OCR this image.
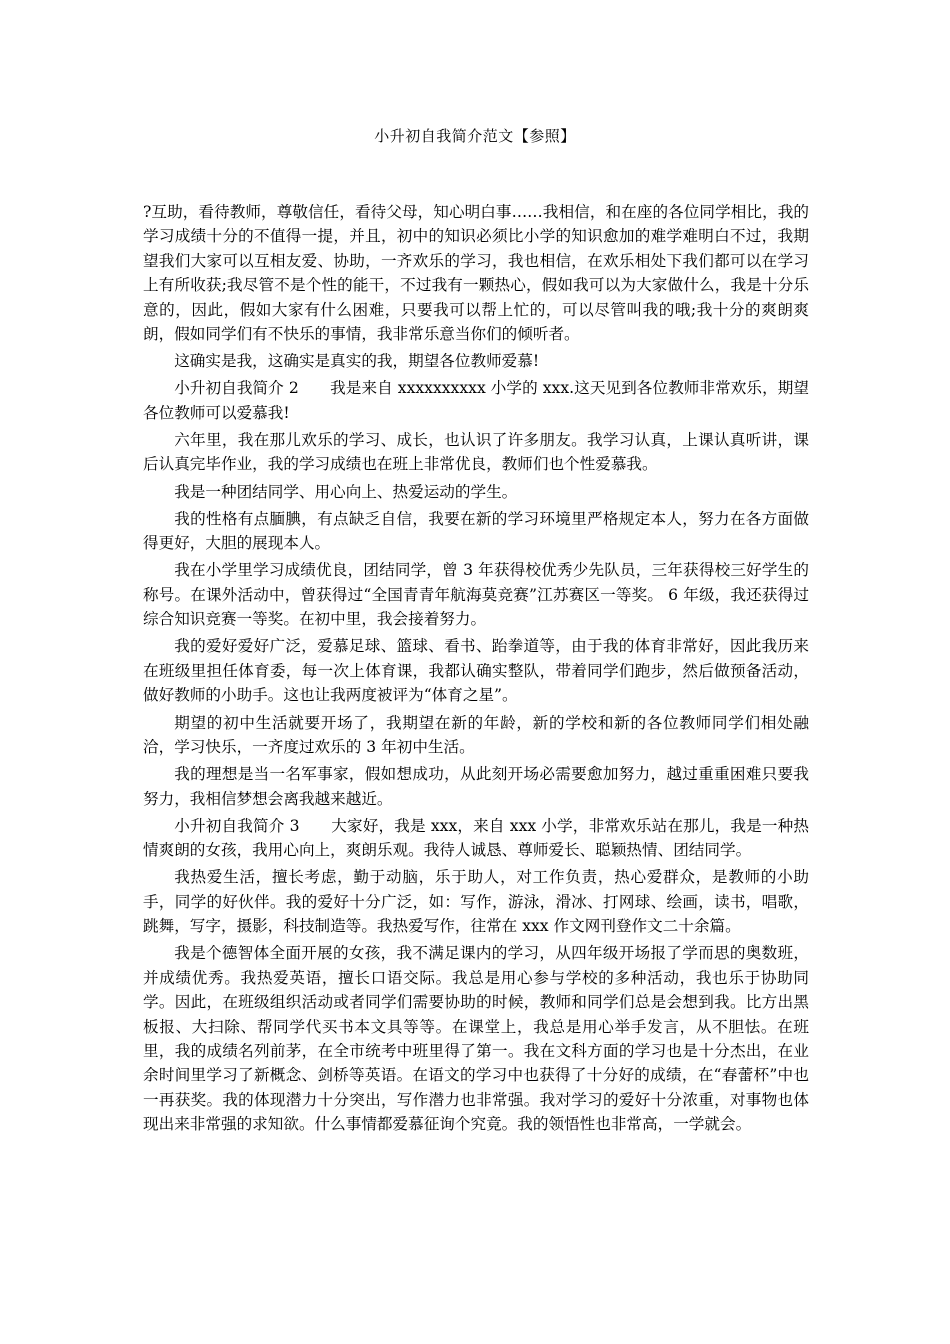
小升初自我简介范文【参照】

?互助，看待教师，尊敬信任，看待父母，知心明白事……我相信，和在座的各位同学相比，我的学习成绩十分的不值得一提，并且，初中的知识必须比小学的知识愈加的难学难明白不过，我期望我们大家可以互相友爱、协助，一齐欢乐的学习，我也相信，在欢乐相处下我们都可以在学习上有所收获;我尽管不是个性的能干，不过我有一颗热心，假如我可以为大家做什么，我是十分乐意的，因此，假如大家有什么困难，只要我可以帮上忙的，可以尽管叫我的哦;我十分的爽朗爽朗，假如同学们有不快乐的事情，我非常乐意当你们的倾听者。

这确实是我，这确实是真实的我，期望各位教师爱慕!

小升初自我简介 2　　我是来自 xxxxxxxxxx 小学的 xxx.这天见到各位教师非常欢乐，期望各位教师可以爱慕我!

六年里，我在那儿欢乐的学习、成长，也认识了许多朋友。我学习认真，上课认真听讲，课后认真完毕作业，我的学习成绩也在班上非常优良，教师们也个性爱慕我。

我是一种团结同学、用心向上、热爱运动的学生。

我的性格有点腼腆，有点缺乏自信，我要在新的学习环境里严格规定本人，努力在各方面做得更好，大胆的展现本人。

我在小学里学习成绩优良，团结同学，曾 3 年获得校优秀少先队员，三年获得校三好学生的称号。在课外活动中，曾获得过“全国青青年航海莫竞赛”江苏赛区一等奖。 6 年级，我还获得过综合知识竞赛一等奖。在初中里，我会接着努力。

我的爱好爱好广泛，爱慕足球、篮球、看书、跆拳道等，由于我的体育非常好，因此我历来在班级里担任体育委，每一次上体育课，我都认确实整队，带着同学们跑步，然后做预备活动，做好教师的小助手。这也让我两度被评为“体育之星”。

期望的初中生活就要开场了，我期望在新的年龄，新的学校和新的各位教师同学们相处融洽，学习快乐，一齐度过欢乐的 3 年初中生活。

我的理想是当一名军事家，假如想成功，从此刻开场必需要愈加努力，越过重重困难只要我努力，我相信梦想会离我越来越近。

小升初自我简介 3　　大家好，我是 xxx，来自 xxx 小学，非常欢乐站在那儿，我是一种热情爽朗的女孩，我用心向上，爽朗乐观。我待人诚恳、尊师爱长、聪颖热情、团结同学。

我热爱生活，擅长考虑，勤于动脑，乐于助人，对工作负责，热心爱群众，是教师的小助手，同学的好伙伴。我的爱好十分广泛，如：写作，游泳，滑冰、打网球、绘画，读书，唱歌，跳舞，写字，摄影，科技制造等。我热爱写作，往常在 xxx 作文网刊登作文二十余篇。

我是个德智体全面开展的女孩，我不满足课内的学习，从四年级开场报了学而思的奥数班，并成绩优秀。我热爱英语，擅长口语交际。我总是用心参与学校的多种活动，我也乐于协助同学。因此，在班级组织活动或者同学们需要协助的时候，教师和同学们总是会想到我。比方出黑板报、大扫除、帮同学代买书本文具等等。在课堂上，我总是用心举手发言，从不胆怯。在班里，我的成绩名列前茅，在全市统考中班里得了第一。我在文科方面的学习也是十分杰出，在业余时间里学习了新概念、剑桥等英语。在语文的学习中也获得了十分好的成绩，在“春蕾杯”中也一再获奖。我的体现潜力十分突出，写作潜力也非常强。我对学习的爱好十分浓重，对事物也体现出来非常强的求知欲。什么事情都爱慕征询个究竟。我的领悟性也非常高，一学就会。
